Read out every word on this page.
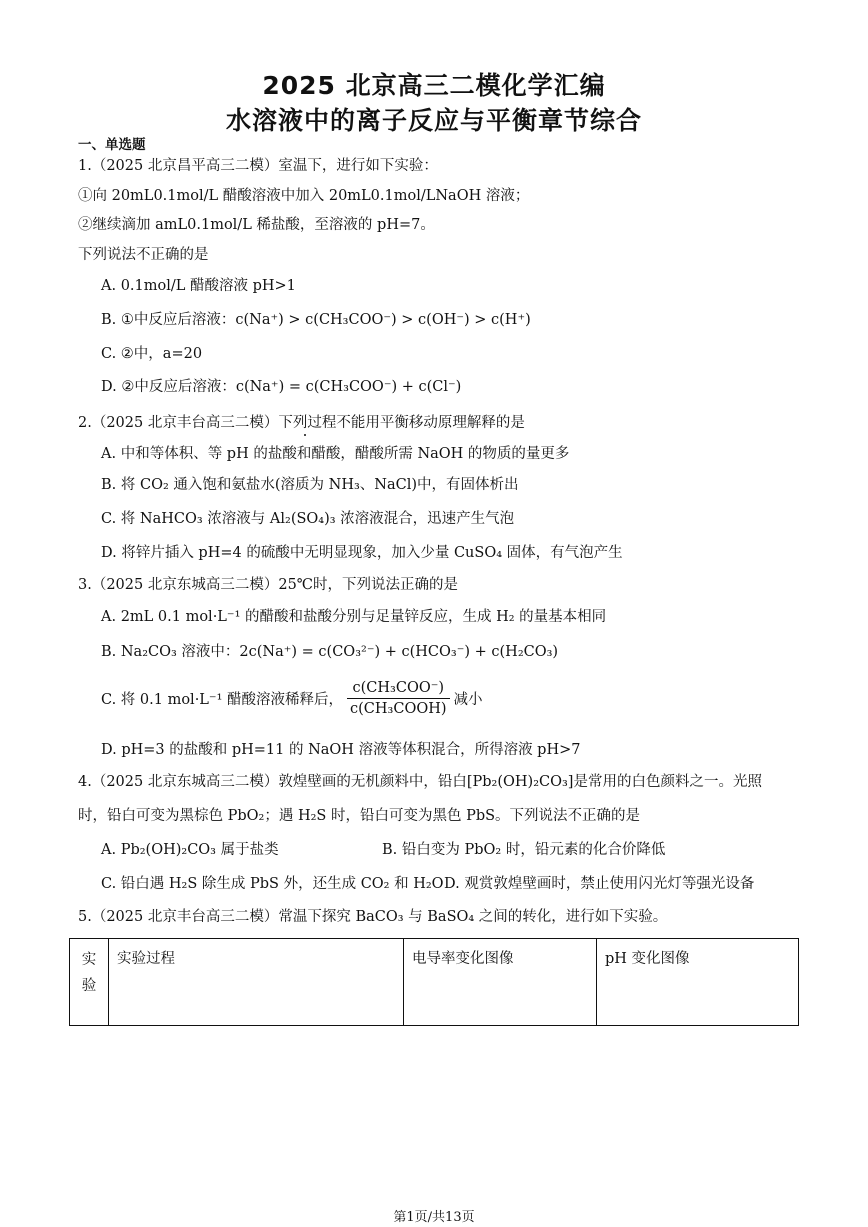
2025 北京高三二模化学汇编
水溶液中的离子反应与平衡章节综合
一、单选题
1.（2025 北京昌平高三二模）室温下，进行如下实验：
①向 20mL0.1mol/L 醋酸溶液中加入 20mL0.1mol/LNaOH 溶液；
②继续滴加 amL0.1mol/L 稀盐酸，至溶液的 pH=7。
下列说法不正确的是
A. 0.1mol/L 醋酸溶液 pH>1
B. ①中反应后溶液：c(Na⁺) > c(CH₃COO⁻) > c(OH⁻) > c(H⁺)
C. ②中，a=20
D. ②中反应后溶液：c(Na⁺) = c(CH₃COO⁻) + c(Cl⁻)
2.（2025 北京丰台高三二模）下列过程不能用平衡移动原理解释的是
A. 中和等体积、等 pH 的盐酸和醋酸，醋酸所需 NaOH 的物质的量更多
B. 将 CO₂ 通入饱和氨盐水(溶质为 NH₃、NaCl)中，有固体析出
C. 将 NaHCO₃ 浓溶液与 Al₂(SO₄)₃ 浓溶液混合，迅速产生气泡
D. 将锌片插入 pH=4 的硫酸中无明显现象，加入少量 CuSO₄ 固体，有气泡产生
3.（2025 北京东城高三二模）25℃时，下列说法正确的是
A. 2mL 0.1 mol·L⁻¹ 的醋酸和盐酸分别与足量锌反应，生成 H₂ 的量基本相同
B. Na₂CO₃ 溶液中：2c(Na⁺) = c(CO₃²⁻) + c(HCO₃⁻) + c(H₂CO₃)
C. 将 0.1 mol·L⁻¹ 醋酸溶液稀释后， $\frac{\text{c(CH₃COO⁻)}}{\text{c(CH₃COOH)}}$ 减小
D. pH=3 的盐酸和 pH=11 的 NaOH 溶液等体积混合，所得溶液 pH>7
4.（2025 北京东城高三二模）敦煌壁画的无机颜料中，铅白[Pb₂(OH)₂CO₃]是常用的白色颜料之一。光照
时，铅白可变为黑棕色 PbO₂；遇 H₂S 时，铅白可变为黑色 PbS。下列说法不正确的是
A. Pb₂(OH)₂CO₃ 属于盐类	B. 铅白变为 PbO₂ 时，铅元素的化合价降低
C. 铅白遇 H₂S 除生成 PbS 外，还生成 CO₂ 和 H₂O D. 观赏敦煌壁画时，禁止使用闪光灯等强光设备
5.（2025 北京丰台高三二模）常温下探究 BaCO₃ 与 BaSO₄ 之间的转化，进行如下实验。
实验	实验过程	电导率变化图像	pH 变化图像
第1页/共13页
